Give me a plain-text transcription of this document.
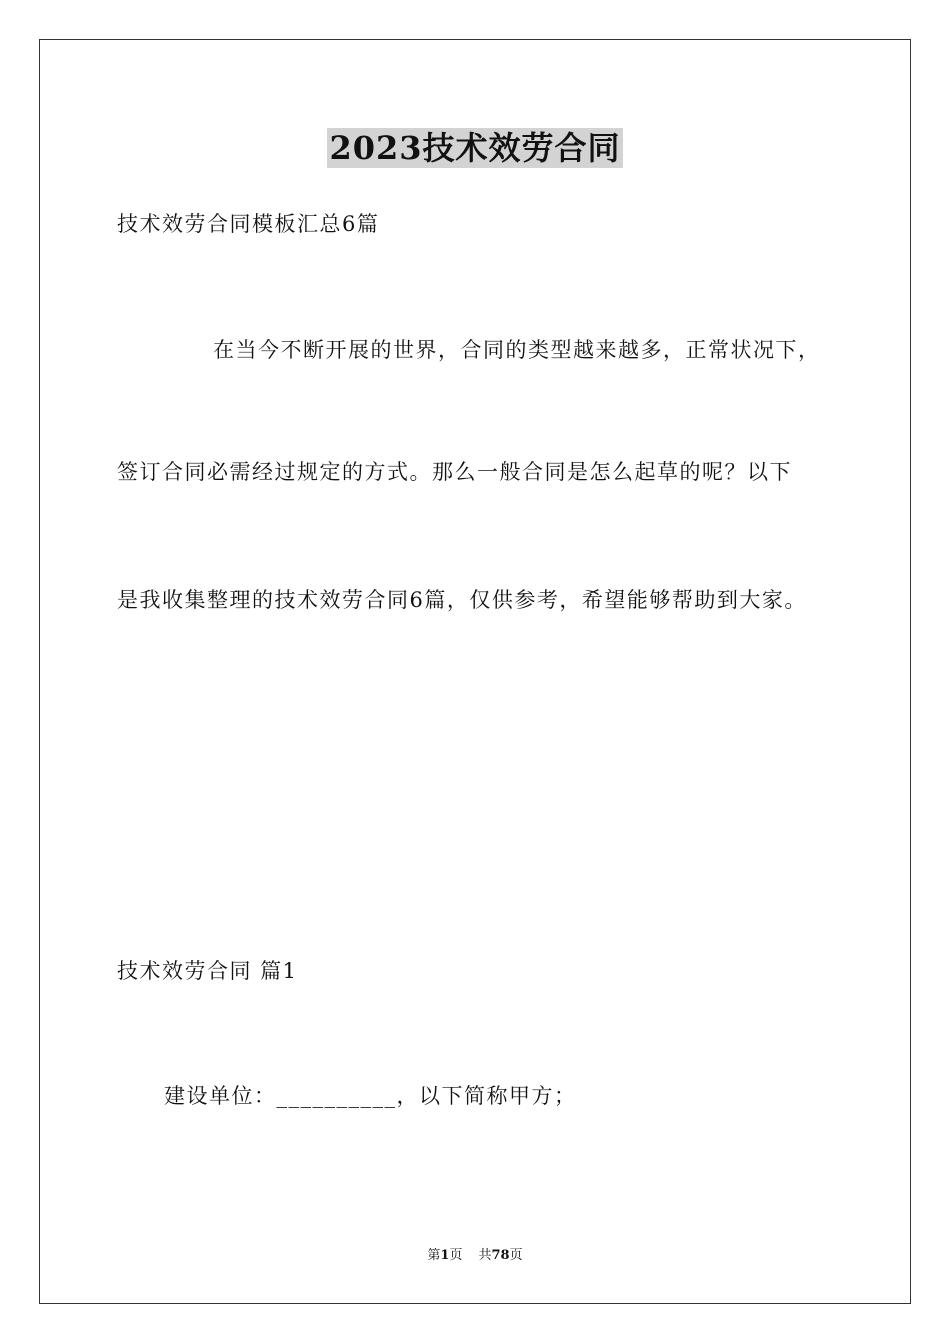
2023技术效劳合同
技术效劳合同模板汇总6篇
在当今不断开展的世界，合同的类型越来越多，正常状况下，
签订合同必需经过规定的方式。那么一般合同是怎么起草的呢？以下
是我收集整理的技术效劳合同6篇，仅供参考，希望能够帮助到大家。
技术效劳合同 篇1
建设单位：__________，以下简称甲方；
第1页 共78页
